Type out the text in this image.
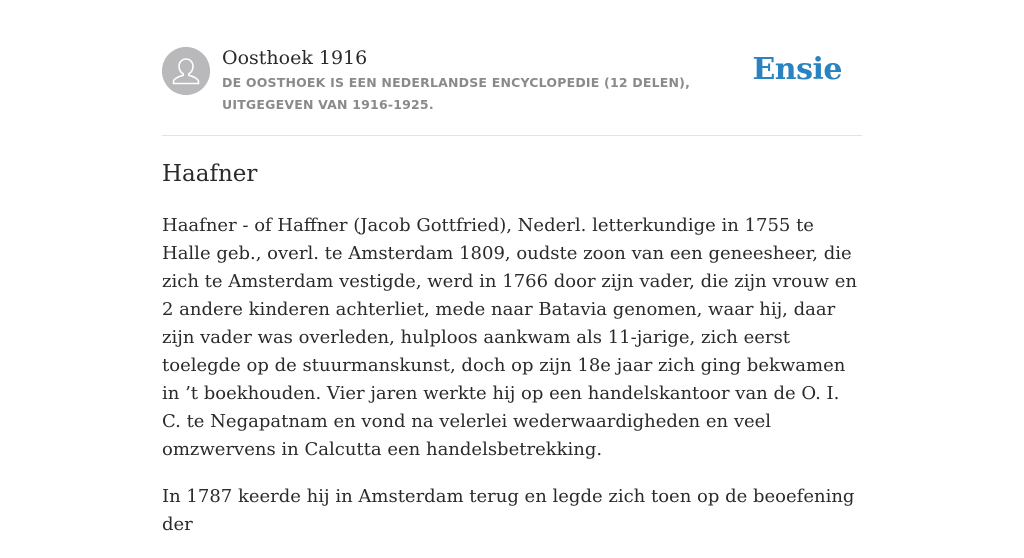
Oosthoek 1916
DE OOSTHOEK IS EEN NEDERLANDSE ENCYCLOPEDIE (12 DELEN), UITGEGEVEN VAN 1916-1925.
Ensie
Haafner

Haafner - of Haffner (Jacob Gottfried), Nederl. letterkundige in 1755 te Halle geb., overl. te Amsterdam 1809, oudste zoon van een geneesheer, die zich te Amsterdam vestigde, werd in 1766 door zijn vader, die zijn vrouw en 2 andere kinderen achterliet, mede naar Batavia genomen, waar hij, daar zijn vader was overleden, hulploos aankwam als 11-jarige, zich eerst toelegde op de stuurmanskunst, doch op zijn 18e jaar zich ging bekwamen in ’t boekhouden. Vier jaren werkte hij op een handelskantoor van de O. I. C. te Negapatnam en vond na velerlei wederwaardigheden en veel omzwervens in Calcutta een handelsbetrekking.

In 1787 keerde hij in Amsterdam terug en legde zich toen op de beoefening der
